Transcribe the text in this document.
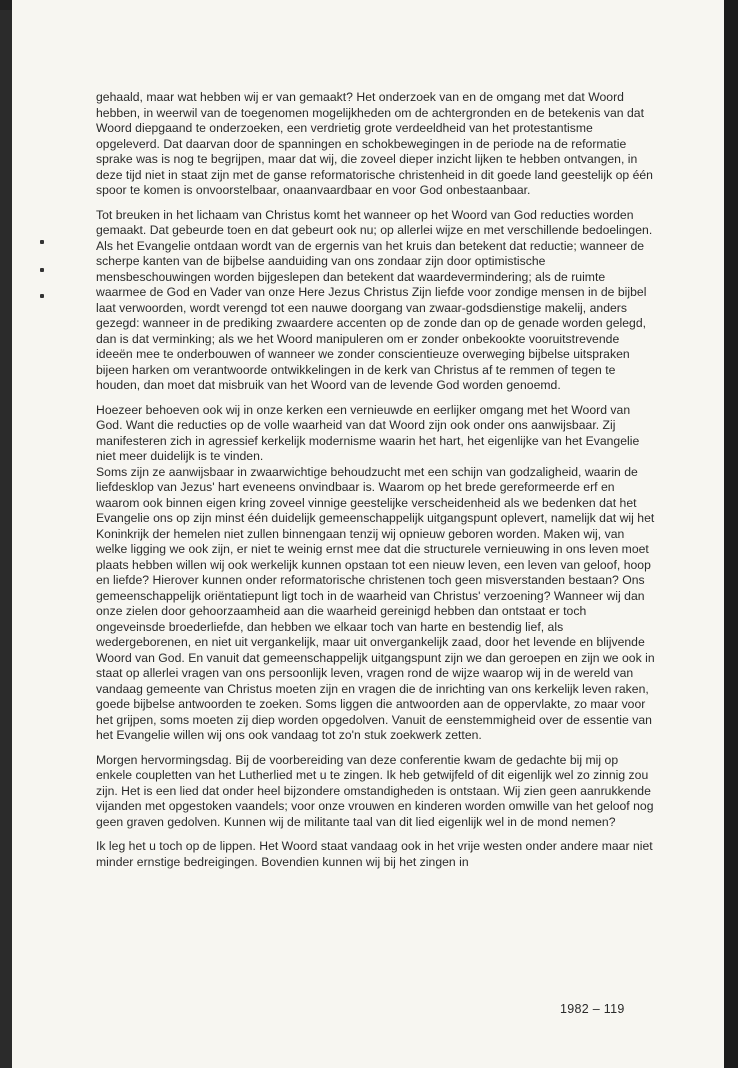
gehaald, maar wat hebben wij er van gemaakt? Het onderzoek van en de omgang met dat Woord hebben, in weerwil van de toegenomen mogelijkheden om de achtergronden en de betekenis van dat Woord diepgaand te onderzoeken, een verdrietig grote verdeeldheid van het protestantisme opgeleverd. Dat daarvan door de spanningen en schokbewegingen in de periode na de reformatie sprake was is nog te begrijpen, maar dat wij, die zoveel dieper inzicht lijken te hebben ontvangen, in deze tijd niet in staat zijn met de ganse reformatorische christenheid in dit goede land geestelijk op één spoor te komen is onvoorstelbaar, onaanvaardbaar en voor God onbestaanbaar.

Tot breuken in het lichaam van Christus komt het wanneer op het Woord van God reducties worden gemaakt. Dat gebeurde toen en dat gebeurt ook nu; op allerlei wijze en met verschillende bedoelingen. Als het Evangelie ontdaan wordt van de ergernis van het kruis dan betekent dat reductie; wanneer de scherpe kanten van de bijbelse aanduiding van ons zondaar zijn door optimistische mensbeschouwingen worden bijgeslepen dan betekent dat waardevermindering; als de ruimte waarmee de God en Vader van onze Here Jezus Christus Zijn liefde voor zondige mensen in de bijbel laat verwoorden, wordt verengd tot een nauwe doorgang van zwaar-godsdienstige makelij, anders gezegd: wanneer in de prediking zwaardere accenten op de zonde dan op de genade worden gelegd, dan is dat verminking; als we het Woord manipuleren om er zonder onbekookte vooruitstrevende ideeën mee te onderbouwen of wanneer we zonder conscientieuze overweging bijbelse uitspraken bijeen harken om verantwoorde ontwikkelingen in de kerk van Christus af te remmen of tegen te houden, dan moet dat misbruik van het Woord van de levende God worden genoemd.

Hoezeer behoeven ook wij in onze kerken een vernieuwde en eerlijker omgang met het Woord van God. Want die reducties op de volle waarheid van dat Woord zijn ook onder ons aanwijsbaar. Zij manifesteren zich in agressief kerkelijk modernisme waarin het hart, het eigenlijke van het Evangelie niet meer duidelijk is te vinden.

Soms zijn ze aanwijsbaar in zwaarwichtige behoudzucht met een schijn van godzaligheid, waarin de liefdesklop van Jezus' hart eveneens onvindbaar is. Waarom op het brede gereformeerde erf en waarom ook binnen eigen kring zoveel vinnige geestelijke verscheidenheid als we bedenken dat het Evangelie ons op zijn minst één duidelijk gemeenschappelijk uitgangspunt oplevert, namelijk dat wij het Koninkrijk der hemelen niet zullen binnengaan tenzij wij opnieuw geboren worden. Maken wij, van welke ligging we ook zijn, er niet te weinig ernst mee dat die structurele vernieuwing in ons leven moet plaats hebben willen wij ook werkelijk kunnen opstaan tot een nieuw leven, een leven van geloof, hoop en liefde? Hierover kunnen onder reformatorische christenen toch geen misverstanden bestaan? Ons gemeenschappelijk oriëntatiepunt ligt toch in de waarheid van Christus' verzoening? Wanneer wij dan onze zielen door gehoorzaamheid aan die waarheid gereinigd hebben dan ontstaat er toch ongeveinsde broederliefde, dan hebben we elkaar toch van harte en bestendig lief, als wedergeborenen, en niet uit vergankelijk, maar uit onvergankelijk zaad, door het levende en blijvende Woord van God. En vanuit dat gemeenschappelijk uitgangspunt zijn we dan geroepen en zijn we ook in staat op allerlei vragen van ons persoonlijk leven, vragen rond de wijze waarop wij in de wereld van vandaag gemeente van Christus moeten zijn en vragen die de inrichting van ons kerkelijk leven raken, goede bijbelse antwoorden te zoeken. Soms liggen die antwoorden aan de oppervlakte, zo maar voor het grijpen, soms moeten zij diep worden opgedolven. Vanuit de eenstemmigheid over de essentie van het Evangelie willen wij ons ook vandaag tot zo'n stuk zoekwerk zetten.

Morgen hervormingsdag. Bij de voorbereiding van deze conferentie kwam de gedachte bij mij op enkele coupletten van het Lutherlied met u te zingen. Ik heb getwijfeld of dit eigenlijk wel zo zinnig zou zijn. Het is een lied dat onder heel bijzondere omstandigheden is ontstaan. Wij zien geen aanrukkende vijanden met opgestoken vaandels; voor onze vrouwen en kinderen worden omwille van het geloof nog geen graven gedolven. Kunnen wij de militante taal van dit lied eigenlijk wel in de mond nemen?

Ik leg het u toch op de lippen. Het Woord staat vandaag ook in het vrije westen onder andere maar niet minder ernstige bedreigingen. Bovendien kunnen wij bij het zingen in

1982 – 119
